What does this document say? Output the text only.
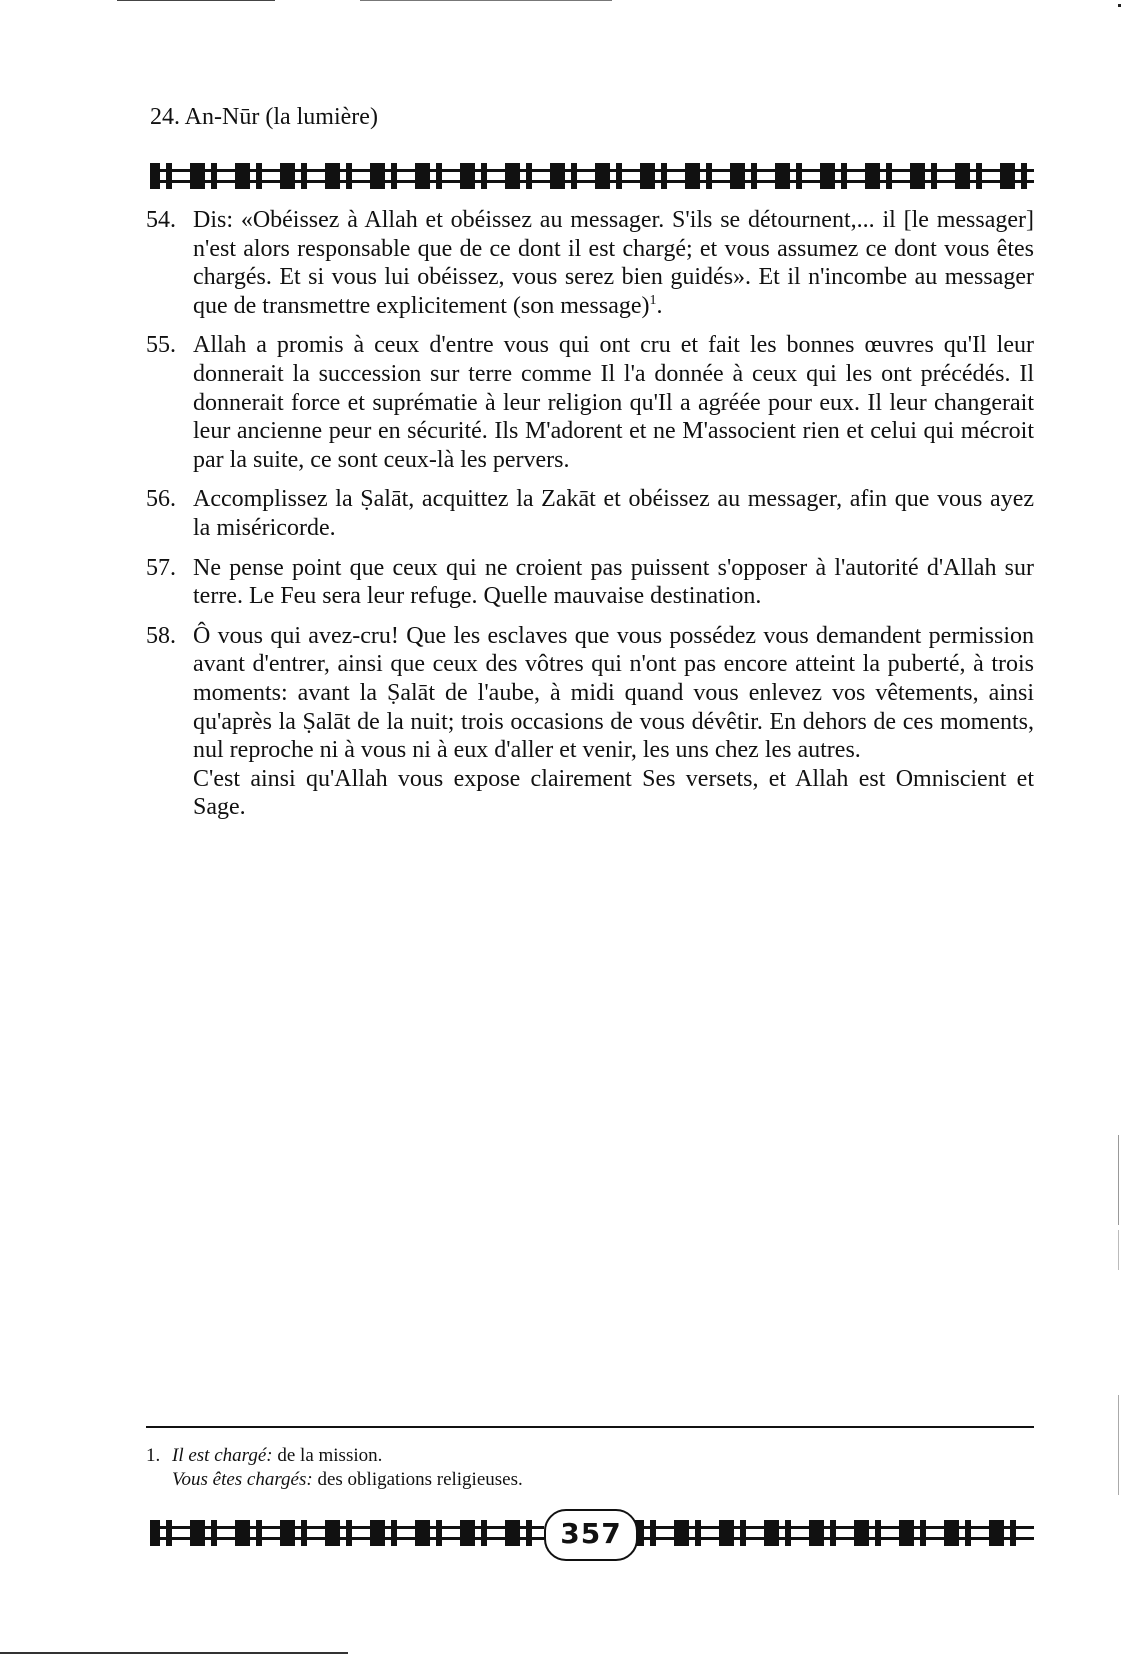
24. An-Nūr (la lumière)
54. Dis: «Obéissez à Allah et obéissez au messager. S'ils se détournent,... il [le messager] n'est alors responsable que de ce dont il est chargé; et vous assumez ce dont vous êtes chargés. Et si vous lui obéissez, vous serez bien guidés». Et il n'incombe au messager que de transmettre explicitement (son message)$^1$.

55. Allah a promis à ceux d'entre vous qui ont cru et fait les bonnes œuvres qu'Il leur donnerait la succession sur terre comme Il l'a donnée à ceux qui les ont précédés. Il donnerait force et suprématie à leur religion qu'Il a agréée pour eux. Il leur changerait leur ancienne peur en sécurité. Ils M'adorent et ne M'associent rien et celui qui mécroit par la suite, ce sont ceux-là les pervers.

56. Accomplissez la Ṣalāt, acquittez la Zakāt et obéissez au messager, afin que vous ayez la miséricorde.

57. Ne pense point que ceux qui ne croient pas puissent s'opposer à l'autorité d'Allah sur terre. Le Feu sera leur refuge. Quelle mauvaise destination.

58. Ô vous qui avez-cru! Que les esclaves que vous possédez vous demandent permission avant d'entrer, ainsi que ceux des vôtres qui n'ont pas encore atteint la puberté, à trois moments: avant la Ṣalāt de l'aube, à midi quand vous enlevez vos vêtements, ainsi qu'après la Ṣalāt de la nuit; trois occasions de vous dévêtir. En dehors de ces moments, nul reproche ni à vous ni à eux d'aller et venir, les uns chez les autres.

C'est ainsi qu'Allah vous expose clairement Ses versets, et Allah est Omniscient et Sage.

1. Il est chargé: de la mission.
Vous êtes chargés: des obligations religieuses.
357
